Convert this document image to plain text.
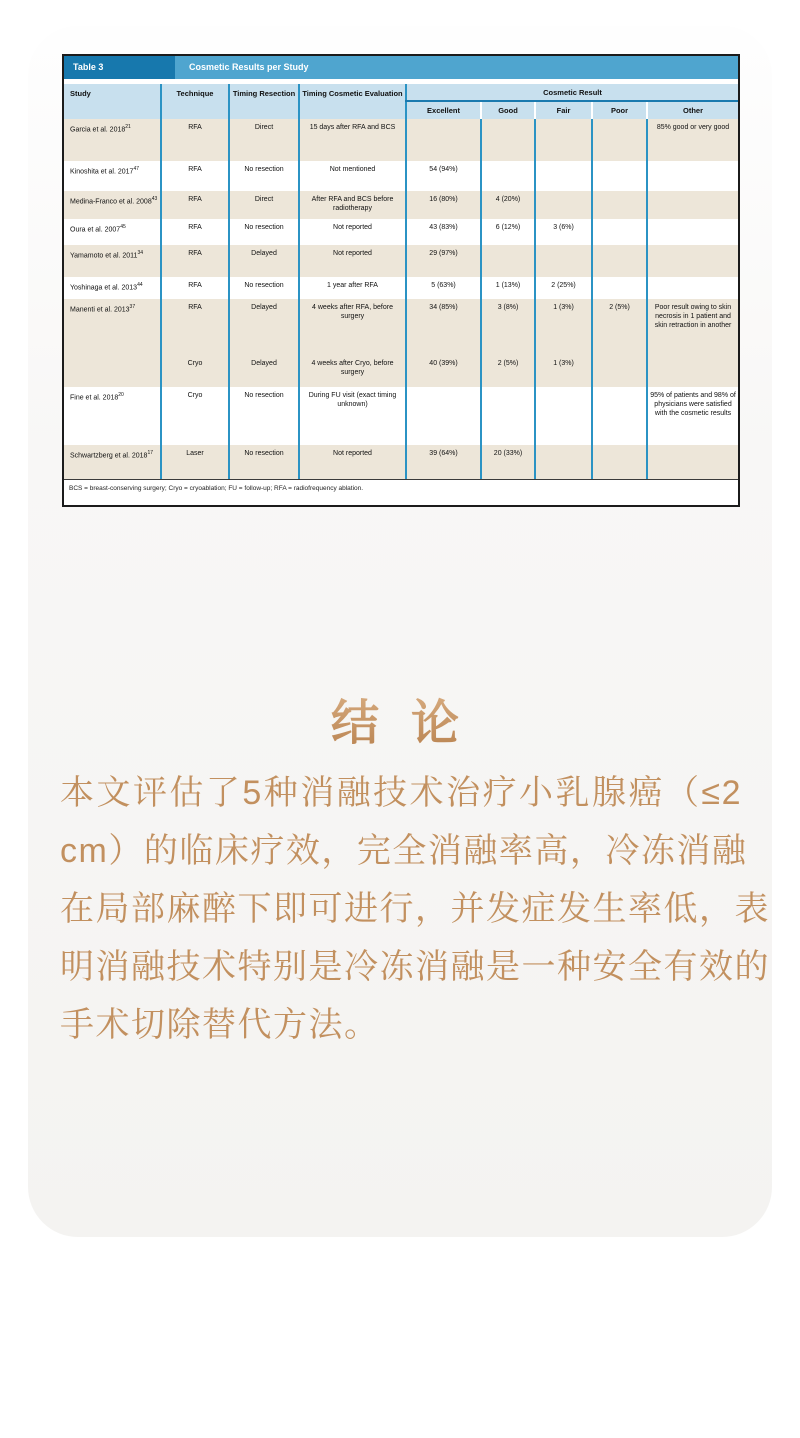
Table 3	Cosmetic Results per Study
Study	Technique	Timing Resection	Timing Cosmetic Evaluation	Cosmetic Result				
				Excellent	Good	Fair	Poor	Other
Garcia et al. 2018$^{21}$	RFA	Direct	15 days after RFA and BCS					85% good or very good
Kinoshita et al. 2017$^{47}$	RFA	No resection	Not mentioned	54 (94%)				
Medina-Franco et al. 2008$^{43}$	RFA	Direct	After RFA and BCS before radiotherapy	16 (80%)	4 (20%)			
Oura et al. 2007$^{45}$	RFA	No resection	Not reported	43 (83%)	6 (12%)	3 (6%)		
Yamamoto et al. 2011$^{34}$	RFA	Delayed	Not reported	29 (97%)				
Yoshinaga et al. 2013$^{44}$	RFA	No resection	1 year after RFA	5 (63%)	1 (13%)	2 (25%)		
Manenti et al. 2013$^{37}$	RFA	Delayed	4 weeks after RFA, before surgery	34 (85%)	3 (8%)	1 (3%)	2 (5%)	Poor result owing to skin necrosis in 1 patient and skin retraction in another
	Cryo	Delayed	4 weeks after Cryo, before surgery	40 (39%)	2 (5%)	1 (3%)		
Fine et al. 2018$^{20}$	Cryo	No resection	During FU visit (exact timing unknown)					95% of patients and 98% of physicians were satisfied with the cosmetic results
Schwartzberg et al. 2018$^{17}$	Laser	No resection	Not reported	39 (64%)	20 (33%)			
BCS = breast-conserving surgery; Cryo = cryoablation; FU = follow-up; RFA = radiofrequency ablation.
结 论
本文评估了5种消融技术治疗小乳腺癌（≤2
cm）的临床疗效，完全消融率高，冷冻消融
在局部麻醉下即可进行，并发症发生率低，表
明消融技术特别是冷冻消融是一种安全有效的
手术切除替代方法。
